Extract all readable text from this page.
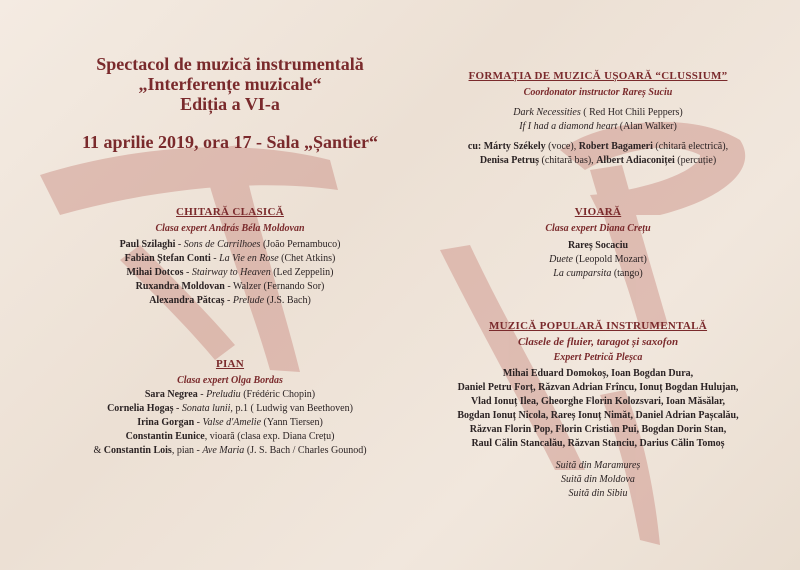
Spectacol de muzică instrumentală
„Interferențe muzicale“
Ediția a VI-a
11 aprilie 2019, ora 17 - Sala „Șantier“
CHITARĂ CLASICĂ
Clasa expert András Béla Moldovan
Paul Szilaghi - Sons de Carrilhoes (João Pernambuco)
Fabian Ștefan Conti - La Vie en Rose (Chet Atkins)
Mihai Dotcos - Stairway to Heaven (Led Zeppelin)
Ruxandra Moldovan - Walzer (Fernando Sor)
Alexandra Pătcaș - Prelude (J.S. Bach)
PIAN
Clasa expert Olga Bordas
Sara Negrea - Preludiu (Frédéric Chopin)
Cornelia Hogaș - Sonata lunii, p.1 ( Ludwig van Beethoven)
Irina Gorgan - Valse d'Amelie (Yann Tiersen)
Constantin Eunice, vioară (clasa exp. Diana Crețu)
& Constantin Lois, pian - Ave Maria (J. S. Bach / Charles Gounod)
FORMAȚIA DE MUZICĂ UȘOARĂ “CLUSSIUM”
Coordonator instructor Rareș Suciu
Dark Necessities ( Red Hot Chili Peppers)
If I had a diamond heart (Alan Walker)
cu: Márty Székely (voce), Robert Bagameri (chitară electrică),
Denisa Petruș (chitară bas), Albert Adiaconiței (percuție)
VIOARĂ
Clasa expert Diana Crețu
Rareș Socaciu
Duete (Leopold Mozart)
La cumparsita (tango)
MUZICĂ POPULARĂ INSTRUMENTALĂ
Clasele de fluier, taragot și saxofon
Expert Petrică Pleșca
Mihai Eduard Domokoș, Ioan Bogdan Dura,
Daniel Petru Forț, Răzvan Adrian Frîncu, Ionuț Bogdan Hulujan,
Vlad Ionuț Ilea, Gheorghe Florin Kolozsvari, Ioan Măsălar,
Bogdan Ionuț Nicola, Rareș Ionuț Nimăt, Daniel Adrian Pașcalău,
Răzvan Florin Pop, Florin Cristian Pui, Bogdan Dorin Stan,
Raul Călin Stancalău, Răzvan Stanciu, Darius Călin Tomoș
Suită din Maramureș
Suită din Moldova
Suită din Sibiu
